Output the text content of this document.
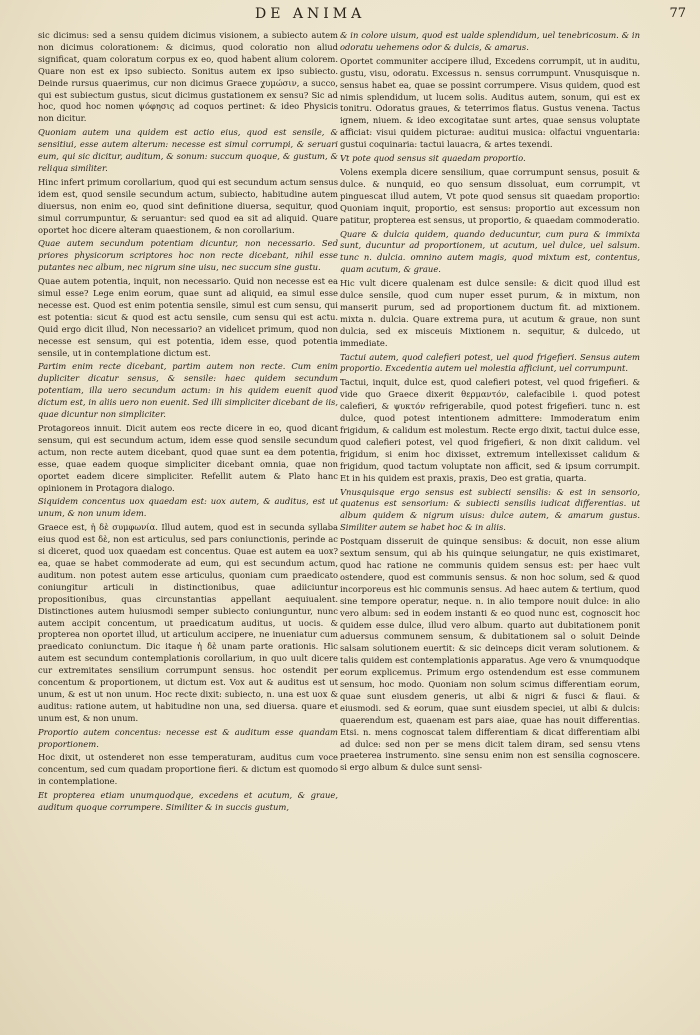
DE ANIMA	77

sic dicimus: sed a sensu quidem dicimus visionem, a subiecto autem non dicimus colorationem: & dicimus, quod coloratio non aliud significat, quam coloratum corpus ex eo, quod habent alium colorem. Quare non est ex ipso subiecto. Sonitus autem ex ipso subiecto. Deinde rursus quaerimus, cur non dicimus Graece χυμώσιν, a succo, qui est subiectum gustus, sicut dicimus gustationem ex sensu? Sic ad hoc, quod hoc nomen ψόφησις ad coquos pertinet: & ideo Physicis non dicitur.

Quoniam autem una quidem est actio eius, quod est sensile, & sensitiui, esse autem alterum: necesse est simul corrumpi, & seruari eum, qui sic dicitur, auditum, & sonum: succum quoque, & gustum, & reliqua similiter.

Hinc infert primum corollarium, quod qui est secundum actum sensus idem est, quod sensile secundum actum, subiecto, habitudine autem diuersus, non enim eo, quod sint definitione diuersa, sequitur, quod simul corrumpuntur, & seruantur: sed quod ea sit ad aliquid. Quare oportet hoc dicere alteram quaestionem, & non corollarium.

Quae autem secundum potentiam dicuntur, non necessario. Sed priores physicorum scriptores hoc non recte dicebant, nihil esse putantes nec album, nec nigrum sine uisu, nec succum sine gustu.

Quae autem potentia, inquit, non necessario. Quid non necesse est ea simul esse? Lege enim eorum, quae sunt ad aliquid, ea simul esse necesse est. Quod est enim potentia sensile, simul est cum sensu, qui est potentia: sicut & quod est actu sensile, cum sensu qui est actu. Quid ergo dicit illud, Non necessario? an videlicet primum, quod non necesse est sensum, qui est potentia, idem esse, quod potentia sensile, ut in contemplatione dictum est.

Partim enim recte dicebant, partim autem non recte. Cum enim dupliciter dicatur sensus, & sensile: haec quidem secundum potentiam, illa uero secundum actum: in his quidem euenit quod dictum est, in aliis uero non euenit. Sed illi simpliciter dicebant de iis, quae dicuntur non simpliciter.

Protagoreos innuit. Dicit autem eos recte dicere in eo, quod dicant sensum, qui est secundum actum, idem esse quod sensile secundum actum, non recte autem dicebant, quod quae sunt ea dem potentia, esse, quae eadem quoque simpliciter dicebant omnia, quae non oportet eadem dicere simpliciter. Refellit autem & Plato hanc opinionem in Protagora dialogo.

Siquidem concentus uox quaedam est: uox autem, & auditus, est ut unum, & non unum idem.

Graece est, ἡ δὲ συμφωνία. Illud autem, quod est in secunda syllaba eius quod est δὲ, non est articulus, sed pars coniunctionis, perinde ac si diceret, quod uox quaedam est concentus. Quae est autem ea uox? ea, quae se habet commoderate ad eum, qui est secundum actum, auditum. non potest autem esse articulus, quoniam cum praedicato coniungitur articuli in distinctionibus, quae adiiciuntur propositionibus, quas circunstantias appellant aequiualent. Distinctiones autem huiusmodi semper subiecto coniunguntur, nunc autem accipit concentum, ut praedicatum auditus, ut uocis. & propterea non oportet illud, ut articulum accipere, ne inueniatur cum praedicato coniunctum. Dic itaque ἡ δὲ unam parte orationis. Hic autem est secundum contemplationis corollarium, in quo uult dicere cur extremitates sensilium corrumpunt sensus. hoc ostendit per concentum & proportionem, ut dictum est. Vox aut & auditus est ut unum, & est ut non unum. Hoc recte dixit: subiecto, n. una est uox & auditus: ratione autem, ut habitudine non una, sed diuersa. quare et unum est, & non unum.

Proportio autem concentus: necesse est & auditum esse quandam proportionem.

Hoc dixit, ut ostenderet non esse temperaturam, auditus cum voce concentum, sed cum quadam proportione fieri. & dictum est quomodo in contemplatione.

Et propterea etiam unumquodque, excedens et acutum, & graue, auditum quoque corrumpere. Similiter & in succis gustum,

& in colore uisum, quod est ualde splendidum, uel tenebricosum. & in odoratu uehemens odor & dulcis, & amarus.

Oportet communiter accipere illud, Excedens corrumpit, ut in auditu, gustu, visu, odoratu. Excessus n. sensus corrumpunt. Vnusquisque n. sensus habet ea, quae se possint corrumpere. Visus quidem, quod est nimis splendidum, ut lucem solis. Auditus autem, sonum, qui est ex tonitru. Odoratus graues, & teterrimos flatus. Gustus venena. Tactus ignem, niuem. & ideo excogitatae sunt artes, quae sensus voluptate afficiat: visui quidem picturae: auditui musica: olfactui vnguentaria: gustui coquinaria: tactui lauacra, & artes texendi.

Vt pote quod sensus sit quaedam proportio.

Volens exempla dicere sensilium, quae corrumpunt sensus, posuit & dulce. & nunquid, eo quo sensum dissoluat, eum corrumpit, vt pinguescat illud autem, Vt pote quod sensus sit quaedam proportio: Quoniam inquit, proportio, est sensus: proportio aut excessum non patitur, propterea est sensus, ut proportio, & quaedam commoderatio.

Quare & dulcia quidem, quando deducuntur, cum pura & immixta sunt, ducuntur ad proportionem, ut acutum, uel dulce, uel salsum. tunc n. dulcia. omnino autem magis, quod mixtum est, contentus, quam acutum, & graue.

Hic vult dicere qualenam est dulce sensile: & dicit quod illud est dulce sensile, quod cum nuper esset purum, & in mixtum, non manserit purum, sed ad proportionem ductum fit. ad mixtionem. mixta n. dulcia. Quare extrema pura, ut acutum & graue, non sunt dulcia, sed ex misceuis Mixtionem n. sequitur, & dulcedo, ut immediate.

Tactui autem, quod calefieri potest, uel quod frigefieri. Sensus autem proportio. Excedentia autem uel molestia afficiunt, uel corrumpunt.

Tactui, inquit, dulce est, quod calefieri potest, vel quod frigefieri. & vide quo Graece dixerit θερμαντόν, calefacibile i. quod potest calefieri, & ψυκτόν refrigerabile, quod potest frigefieri. tunc n. est dulce, quod potest intentionem admittere: Immoderatum enim frigidum, & calidum est molestum. Recte ergo dixit, tactui dulce esse, quod calefieri potest, vel quod frigefieri, & non dixit calidum. vel frigidum, si enim hoc dixisset, extremum intellexisset calidum & frigidum, quod tactum voluptate non afficit, sed & ipsum corrumpit. Et in his quidem est praxis, praxis, Deo est gratia, quarta.

Vnusquisque ergo sensus est subiecti sensilis: & est in sensorio, quatenus est sensorium: & subiecti sensilis iudicat differentias. ut album quidem & nigrum uisus: dulce autem, & amarum gustus. Similiter autem se habet hoc & in aliis.

Postquam disseruit de quinque sensibus: & docuit, non esse alium sextum sensum, qui ab his quinque seiungatur, ne quis existimaret, quod hac ratione ne communis quidem sensus est: per haec vult ostendere, quod est communis sensus. & non hoc solum, sed & quod incorporeus est hic communis sensus. Ad haec autem & tertium, quod sine tempore operatur, neque. n. in alio tempore nouit dulce: in alio vero album: sed in eodem instanti & eo quod nunc est, cognoscit hoc quidem esse dulce, illud vero album. quarto aut dubitationem ponit aduersus communem sensum, & dubitationem sal o soluit Deinde salsam solutionem euertit: & sic deinceps dicit veram solutionem. & talis quidem est contemplationis apparatus. Age vero & vnumquodque eorum explicemus. Primum ergo ostendendum est esse communem sensum, hoc modo. Quoniam non solum scimus differentiam eorum, quae sunt eiusdem generis, ut albi & nigri & fusci & flaui. & eiusmodi. sed & eorum, quae sunt eiusdem speciei, ut albi & dulcis: quaerendum est, quaenam est pars aiae, quae has nouit differentias. Etsi. n. mens cognoscat talem differentiam & dicat differentiam albi ad dulce: sed non per se mens dicit talem diram, sed sensu vtens praeterea instrumento. sine sensu enim non est sensilia cognoscere. si ergo album & dulce sunt sensi-
